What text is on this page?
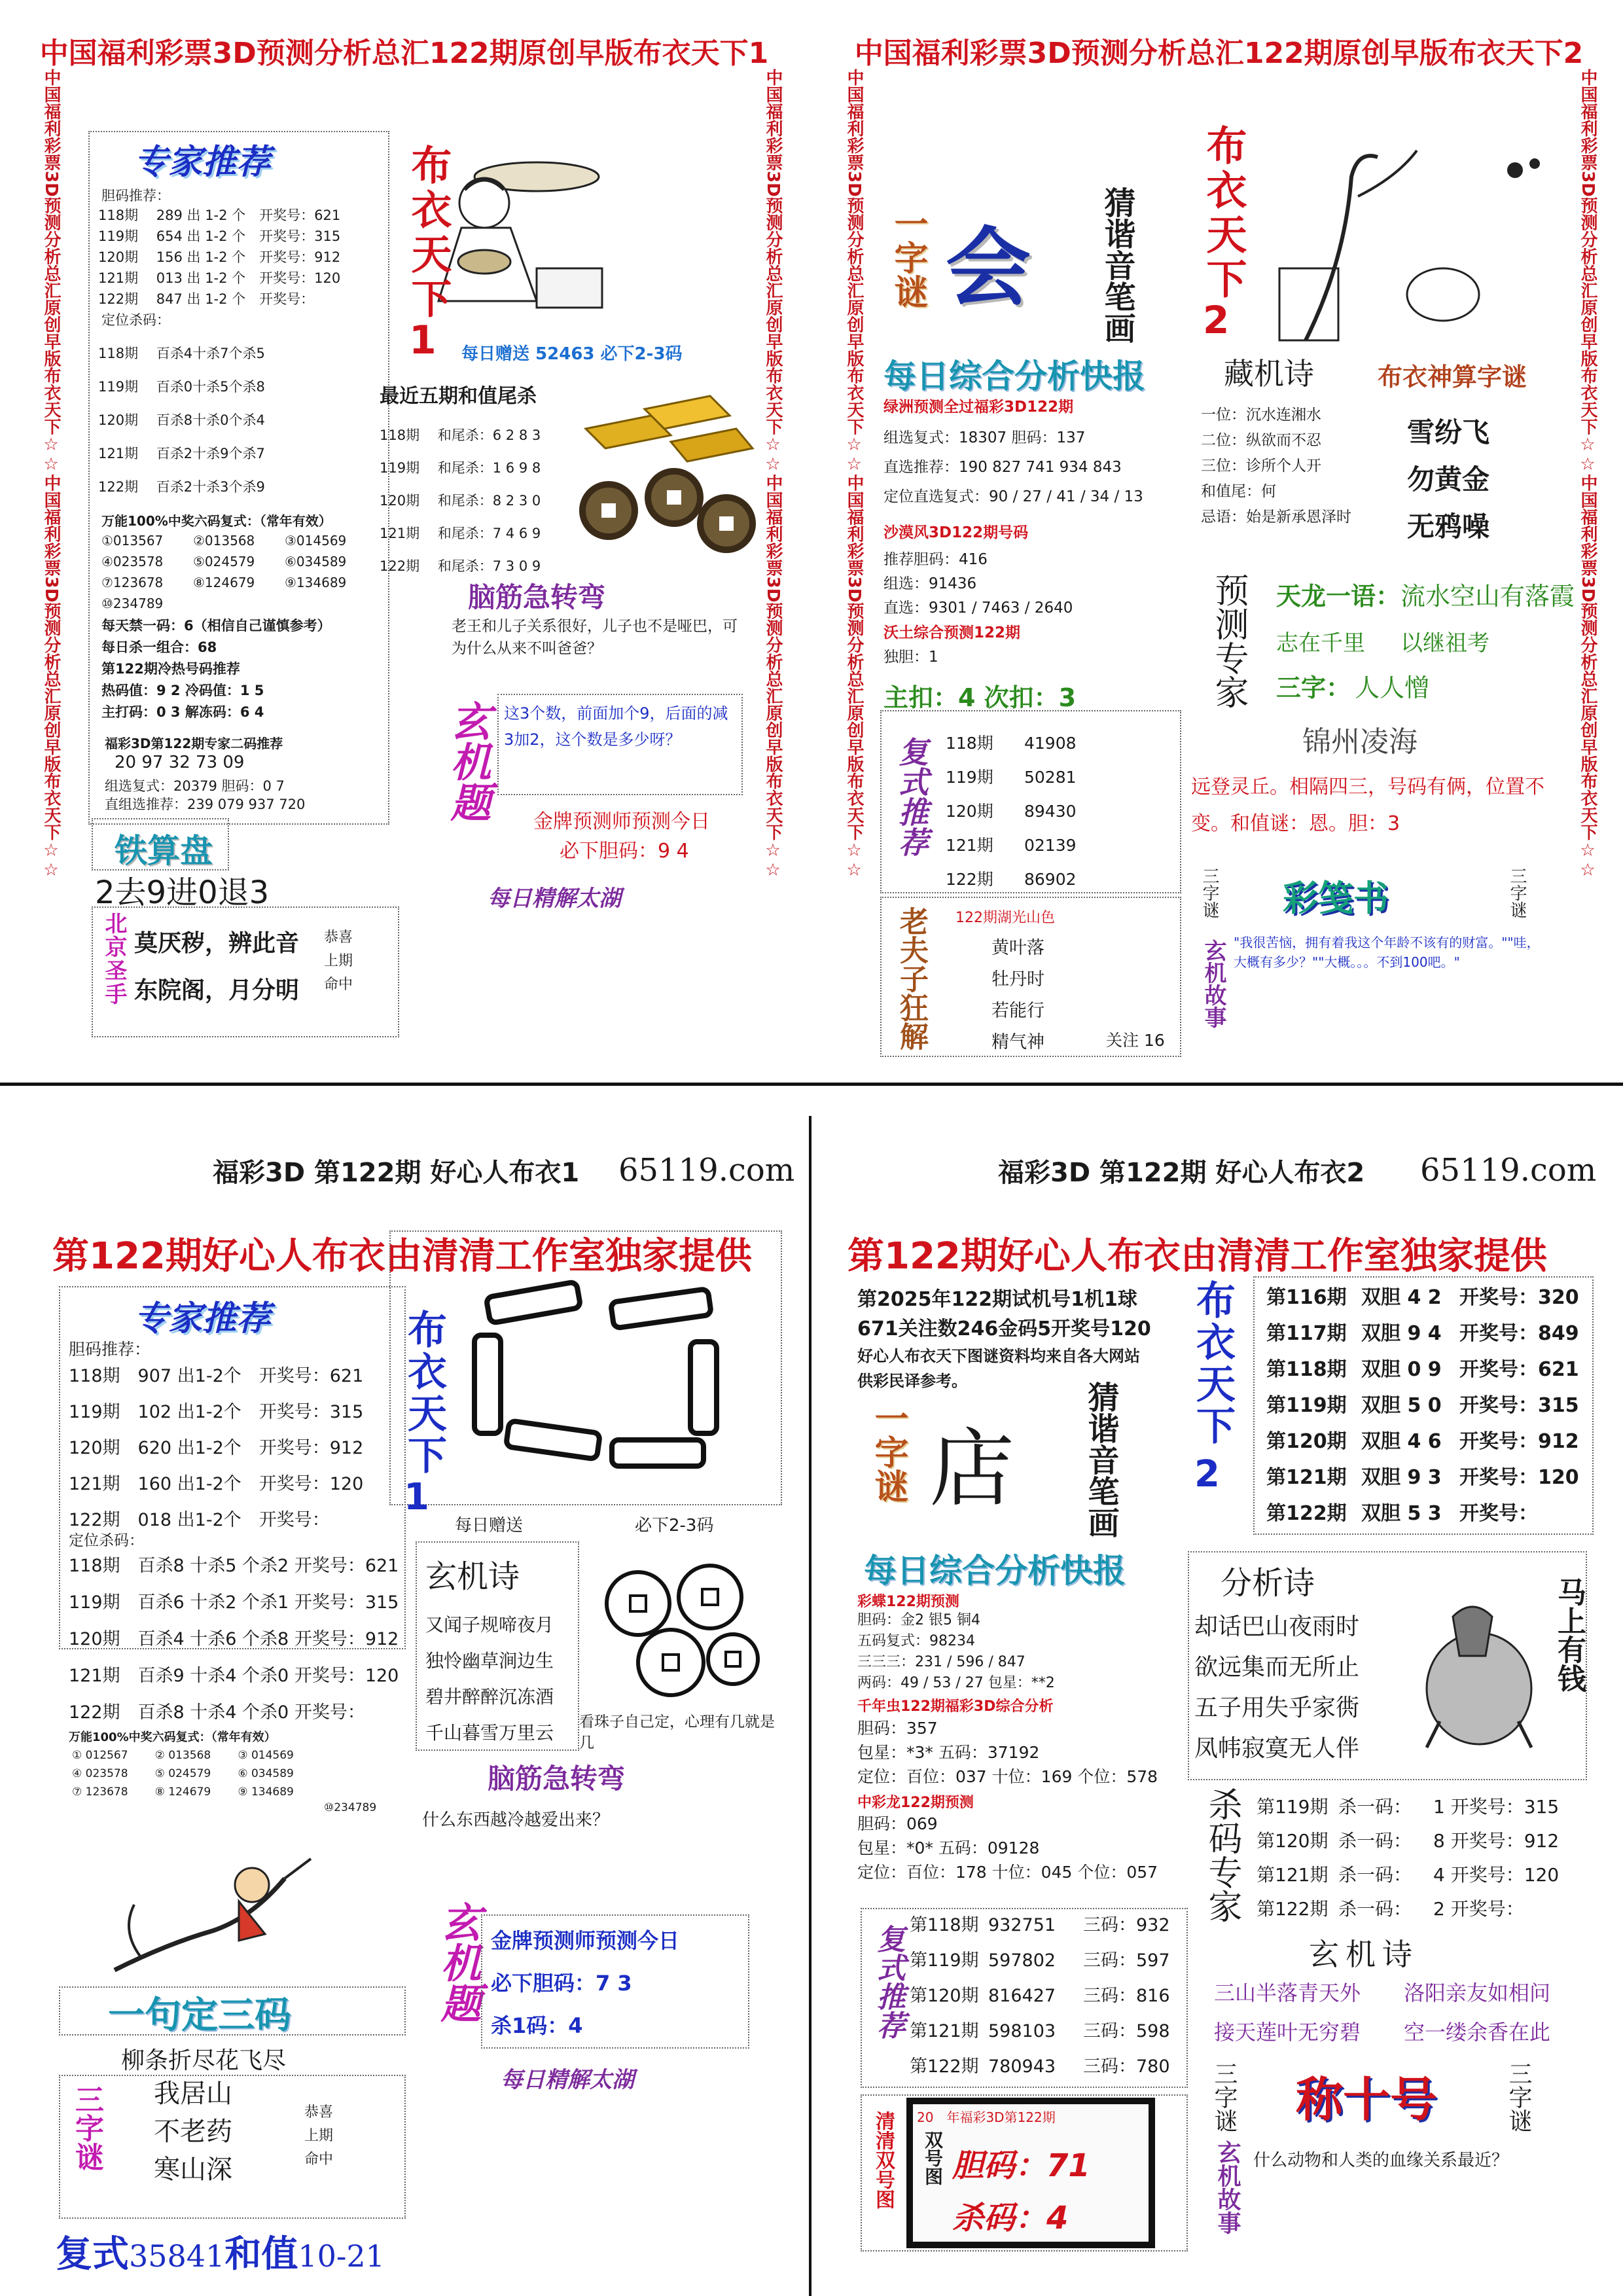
中国福利彩票3D预测分析总汇122期原创早版布衣天下1
中国福利彩票3D预测分析总汇原创早版布衣天下☆☆中国福利彩票3D预测分析总汇原创早版布衣天下☆☆	中国福利彩票3D预测分析总汇原创早版布衣天下☆☆中国福利彩票3D预测分析总汇原创早版布衣天下☆☆
专家推荐
胆码推荐：
118期　 289 出 1-2 个　开奖号：621
119期　 654 出 1-2 个　开奖号：315
120期　 156 出 1-2 个　开奖号：912
121期　 013 出 1-2 个　开奖号：120
122期　 847 出 1-2 个　开奖号：
定位杀码：
118期　 百杀4十杀7个杀5
119期　 百杀0十杀5个杀8
120期　 百杀8十杀0个杀4
121期　 百杀2十杀9个杀7
122期　 百杀2十杀3个杀9
万能100%中奖六码复式：（常年有效）
①013567	②013568	③014569
④023578	⑤024579	⑥034589
⑦123678	⑧124679	⑨134689
⑩234789
每天禁一码：6（相信自己谨慎参考）
每日杀一组合：68
第122期冷热号码推荐
热码值：9 2 冷码值：1 5
主打码：0 3 解冻码：6 4
福彩3D第122期专家二码推荐
20 97 32 73 09
组选复式：20379 胆码：0 7
直组选推荐：239 079 937 720
铁算盘
2去9进0退3
北京圣手 莫厌秽，辨此音
东院阁，月分明
恭喜上期命中
布衣天下
1 每日赠送 52463 必下2-3码
最近五期和值尾杀
118期　 和尾杀：6 2 8 3
119期　 和尾杀：1 6 9 8
120期　 和尾杀：8 2 3 0
121期　 和尾杀：7 4 6 9
122期　 和尾杀：7 3 0 9
脑筋急转弯
老王和儿子关系很好，儿子也不是哑巴，可为什么从来不叫爸爸？
玄机题 这3个数，前面加个9，后面的减3加2，这个数是多少呀？
金牌预测师预测今日
必下胆码：9 4
每日精解太湖
中国福利彩票3D预测分析总汇122期原创早版布衣天下2
中国福利彩票3D预测分析总汇原创早版布衣天下☆☆中国福利彩票3D预测分析总汇原创早版布衣天下☆☆	中国福利彩票3D预测分析总汇原创早版布衣天下☆☆中国福利彩票3D预测分析总汇原创早版布衣天下☆☆
一字谜 会 猜谐音笔画 布衣天下
2
每日综合分析快报
绿洲预测全过福彩3D122期
组选复式：18307 胆码：137
直选推荐：190 827 741 934 843
定位直选复式：90 / 27 / 41 / 34 / 13
沙漠风3D122期号码
推荐胆码：416
组选：91436
直选：9301 / 7463 / 2640
沃土综合预测122期
独胆：1
主扣：4 次扣：3
藏机诗
一位：沉水连湘水
二位：纵欲而不忍
三位：诊所个人开
和值尾：何
忌语：始是新承恩泽时
布衣神算字谜
雪纷飞
勿黄金
无鸦噪
预测专家 天龙一语： 流水空山有落霞
志在千里 以继祖考
三字： 人人憎
锦州凌海
远登灵丘。相隔四三，号码有俩，位置不变。和值谜：恩。胆：3
复式推荐 118期	41908
119期	50281
120期	89430
121期	02139
122期	86902	三字谜 彩笺书	三字谜
玄机故事 "我很苦恼，拥有着我这个年龄不该有的财富。""哇，大概有多少？""大概。。。不到100吧。"
老夫子狂解 122期湖光山色
黄叶落
牡丹时
若能行
精气神	关注 16
福彩3D 第122期 好心人布衣1 65119.com
第122期好心人布衣由清清工作室独家提供
专家推荐
胆码推荐：
118期　907 出1-2个　开奖号：621
119期　102 出1-2个　开奖号：315
120期　620 出1-2个　开奖号：912
121期　160 出1-2个　开奖号：120
122期　018 出1-2个　开奖号：
定位杀码：
118期　百杀8 十杀5 个杀2 开奖号：621
119期　百杀6 十杀2 个杀1 开奖号：315
120期　百杀4 十杀6 个杀8 开奖号：912
121期　百杀9 十杀4 个杀0 开奖号：120
122期　百杀8 十杀4 个杀0 开奖号：
万能100%中奖六码复式：（常年有效）
① 012567	② 013568	③ 014569
④ 023578	⑤ 024579	⑥ 034589
⑦ 123678	⑧ 124679	⑨ 134689
⑩234789
布衣天下
1
每日赠送	必下2-3码
玄机诗
又闻子规啼夜月
独怜幽草涧边生
碧井醉醉沉冻酒
千山暮雪万里云 看珠子自己定，心理有几就是几
脑筋急转弯
什么东西越冷越爱出来？
玄机题 金牌预测师预测今日
必下胆码：7 3
杀1码：4
每日精解太湖
一句定三码
柳条折尽花飞尽
三字谜 我居山
不老药
寒山深
恭喜上期命中
复式 35841 和值 10-21
福彩3D 第122期 好心人布衣2 65119.com
第122期好心人布衣由清清工作室独家提供
第2025年122期试机号1机1球
671关注数246金码5开奖号120
好心人布衣天下图谜资料均来自各大网站
供彩民译参考。
一字谜 店 猜谐音笔画
布衣天下
2
第116期 双胆 4 2 开奖号：320
第117期 双胆 9 4 开奖号：849
第118期 双胆 0 9 开奖号：621
第119期 双胆 5 0 开奖号：315
第120期 双胆 4 6 开奖号：912
第121期 双胆 9 3 开奖号：120
第122期 双胆 5 3 开奖号：
每日综合分析快报
彩蝶122期预测
胆码：金2 银5 铜4
五码复式：98234
三三三：231 / 596 / 847
两码：49 / 53 / 27 包星：**2
千年虫122期福彩3D综合分析
胆码：357
包星：*3* 五码：37192
定位：百位：037 十位：169 个位：578
中彩龙122期预测
胆码：069
包星：*0* 五码：09128
定位：百位：178 十位：045 个位：057
分析诗
却话巴山夜雨时
欲远集而无所止
五子用失乎家衖
凤帏寂寞无人伴
马上有钱
复式推荐 第118期 932751	三码：932
第119期 597802	三码：597
第120期 816427	三码：816
第121期 598103	三码：598
第122期 780943	三码：780
清清双号图 20　年福彩3D第122期
双号图 胆码：71
杀码：4
杀码专家 第119期 杀一码：	1 开奖号：315
第120期 杀一码：	8 开奖号：912
第121期 杀一码：	4 开奖号：120
第122期 杀一码：	2 开奖号：
玄机诗
三山半落青天外 洛阳亲友如相问
接天莲叶无穷碧 空一缕余香在此
三字谜 称十号	三字谜
玄机故事 什么动物和人类的血缘关系最近？
